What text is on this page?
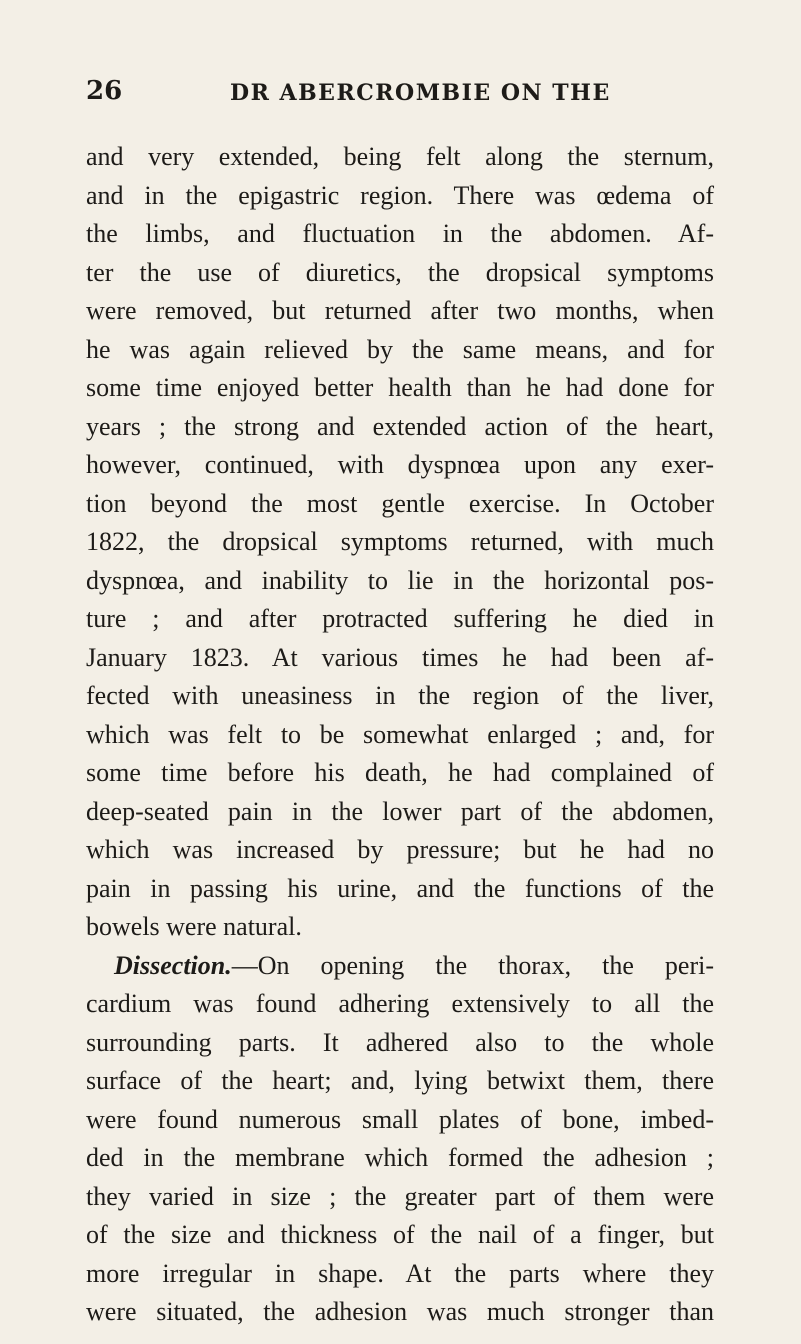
26	DR ABERCROMBIE ON THE
and very extended, being felt along the sternum,
and in the epigastric region. There was œdema of
the limbs, and fluctuation in the abdomen. Af-
ter the use of diuretics, the dropsical symptoms
were removed, but returned after two months, when
he was again relieved by the same means, and for
some time enjoyed better health than he had done for
years ; the strong and extended action of the heart,
however, continued, with dyspnœa upon any exer-
tion beyond the most gentle exercise. In October
1822, the dropsical symptoms returned, with much
dyspnœa, and inability to lie in the horizontal pos-
ture ; and after protracted suffering he died in
January 1823. At various times he had been af-
fected with uneasiness in the region of the liver,
which was felt to be somewhat enlarged ; and, for
some time before his death, he had complained of
deep-seated pain in the lower part of the abdomen,
which was increased by pressure; but he had no
pain in passing his urine, and the functions of the
bowels were natural.
Dissection.—On opening the thorax, the peri-
cardium was found adhering extensively to all the
surrounding parts. It adhered also to the whole
surface of the heart; and, lying betwixt them, there
were found numerous small plates of bone, imbed-
ded in the membrane which formed the adhesion ;
they varied in size ; the greater part of them were
of the size and thickness of the nail of a finger, but
more irregular in shape. At the parts where they
were situated, the adhesion was much stronger than
